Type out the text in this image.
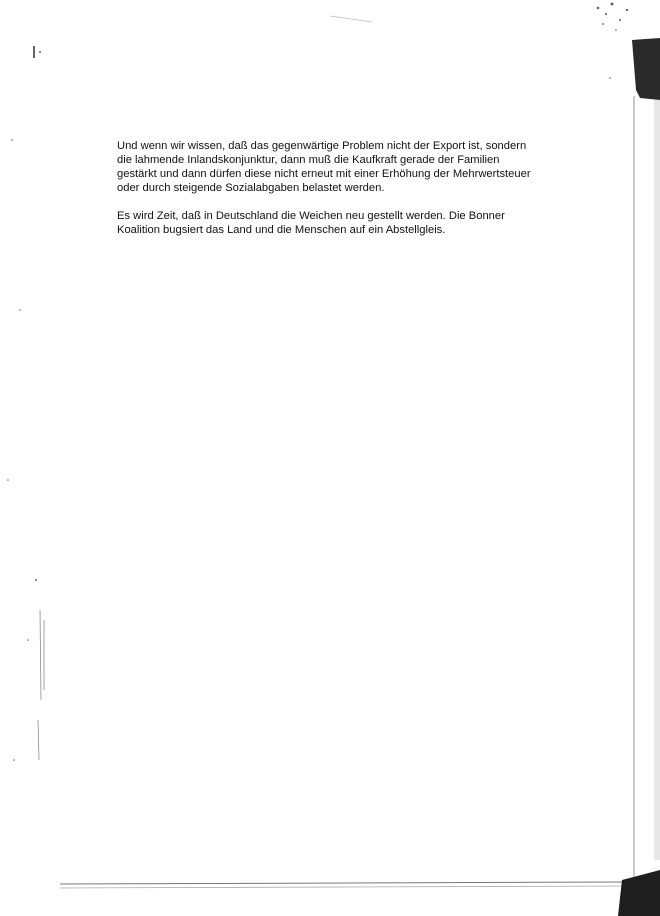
Und wenn wir wissen, daß das gegenwärtige Problem nicht der Export ist, sondern
die lahmende Inlandskonjunktur, dann muß die Kaufkraft gerade der Familien
gestärkt und dann dürfen diese nicht erneut mit einer Erhöhung der Mehrwertsteuer
oder durch steigende Sozialabgaben belastet werden.

Es wird Zeit, daß in Deutschland die Weichen neu gestellt werden. Die Bonner
Koalition bugsiert das Land und die Menschen auf ein Abstellgleis.
